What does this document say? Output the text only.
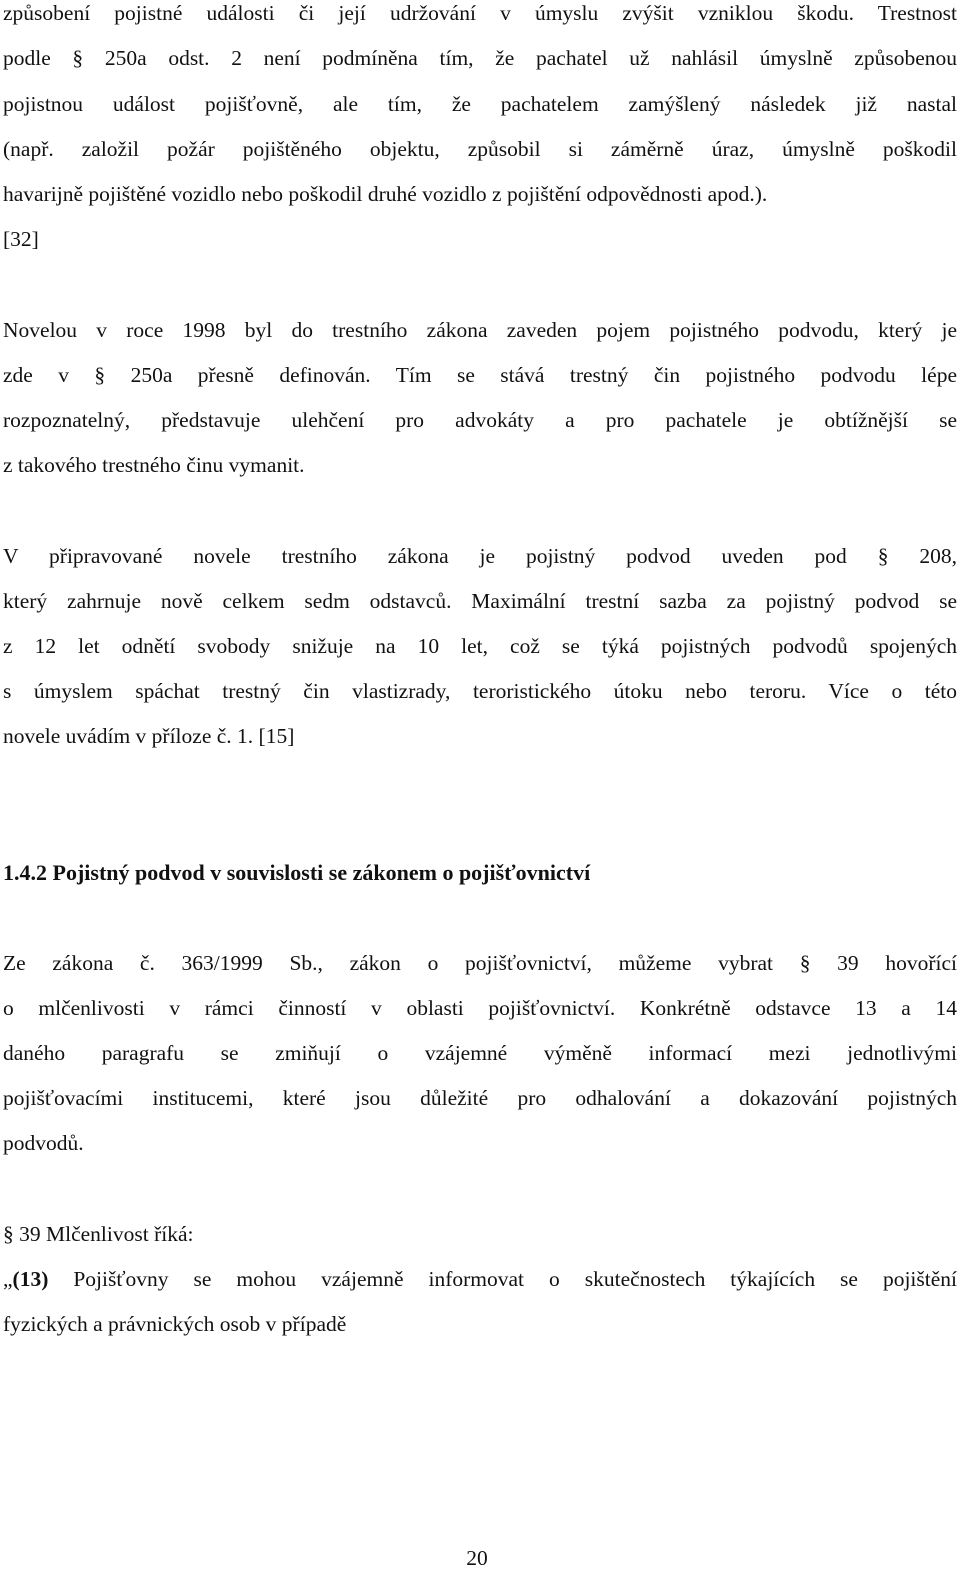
způsobení pojistné události či její udržování v úmyslu zvýšit vzniklou škodu. Trestnost
podle § 250a odst. 2 není podmíněna tím, že pachatel už nahlásil úmyslně způsobenou
pojistnou událost pojišťovně, ale tím, že pachatelem zamýšlený následek již nastal
(např. založil požár pojištěného objektu, způsobil si záměrně úraz, úmyslně poškodil
havarijně pojištěné vozidlo nebo poškodil druhé vozidlo z pojištění odpovědnosti apod.).
[32]
Novelou v roce 1998 byl do trestního zákona zaveden pojem pojistného podvodu, který je
zde v § 250a přesně definován. Tím se stává trestný čin pojistného podvodu lépe
rozpoznatelný, představuje ulehčení pro advokáty a pro pachatele je obtížnější se
z takového trestného činu vymanit.
V připravované novele trestního zákona je pojistný podvod uveden pod § 208,
který zahrnuje nově celkem sedm odstavců. Maximální trestní sazba za pojistný podvod se
z 12 let odnětí svobody snižuje na 10 let, což se týká pojistných podvodů spojených
s úmyslem spáchat trestný čin vlastizrady, teroristického útoku nebo teroru. Více o této
novele uvádím v příloze č. 1. [15]
1.4.2 Pojistný podvod v souvislosti se zákonem o pojišťovnictví
Ze zákona č. 363/1999 Sb., zákon o pojišťovnictví, můžeme vybrat § 39 hovořící
o mlčenlivosti v rámci činností v oblasti pojišťovnictví. Konkrétně odstavce 13 a 14
daného paragrafu se zmiňují o vzájemné výměně informací mezi jednotlivými
pojišťovacími institucemi, které jsou důležité pro odhalování a dokazování pojistných
podvodů.
§ 39 Mlčenlivost říká:
„(13) Pojišťovny se mohou vzájemně informovat o skutečnostech týkajících se pojištění
fyzických a právnických osob v případě
20
